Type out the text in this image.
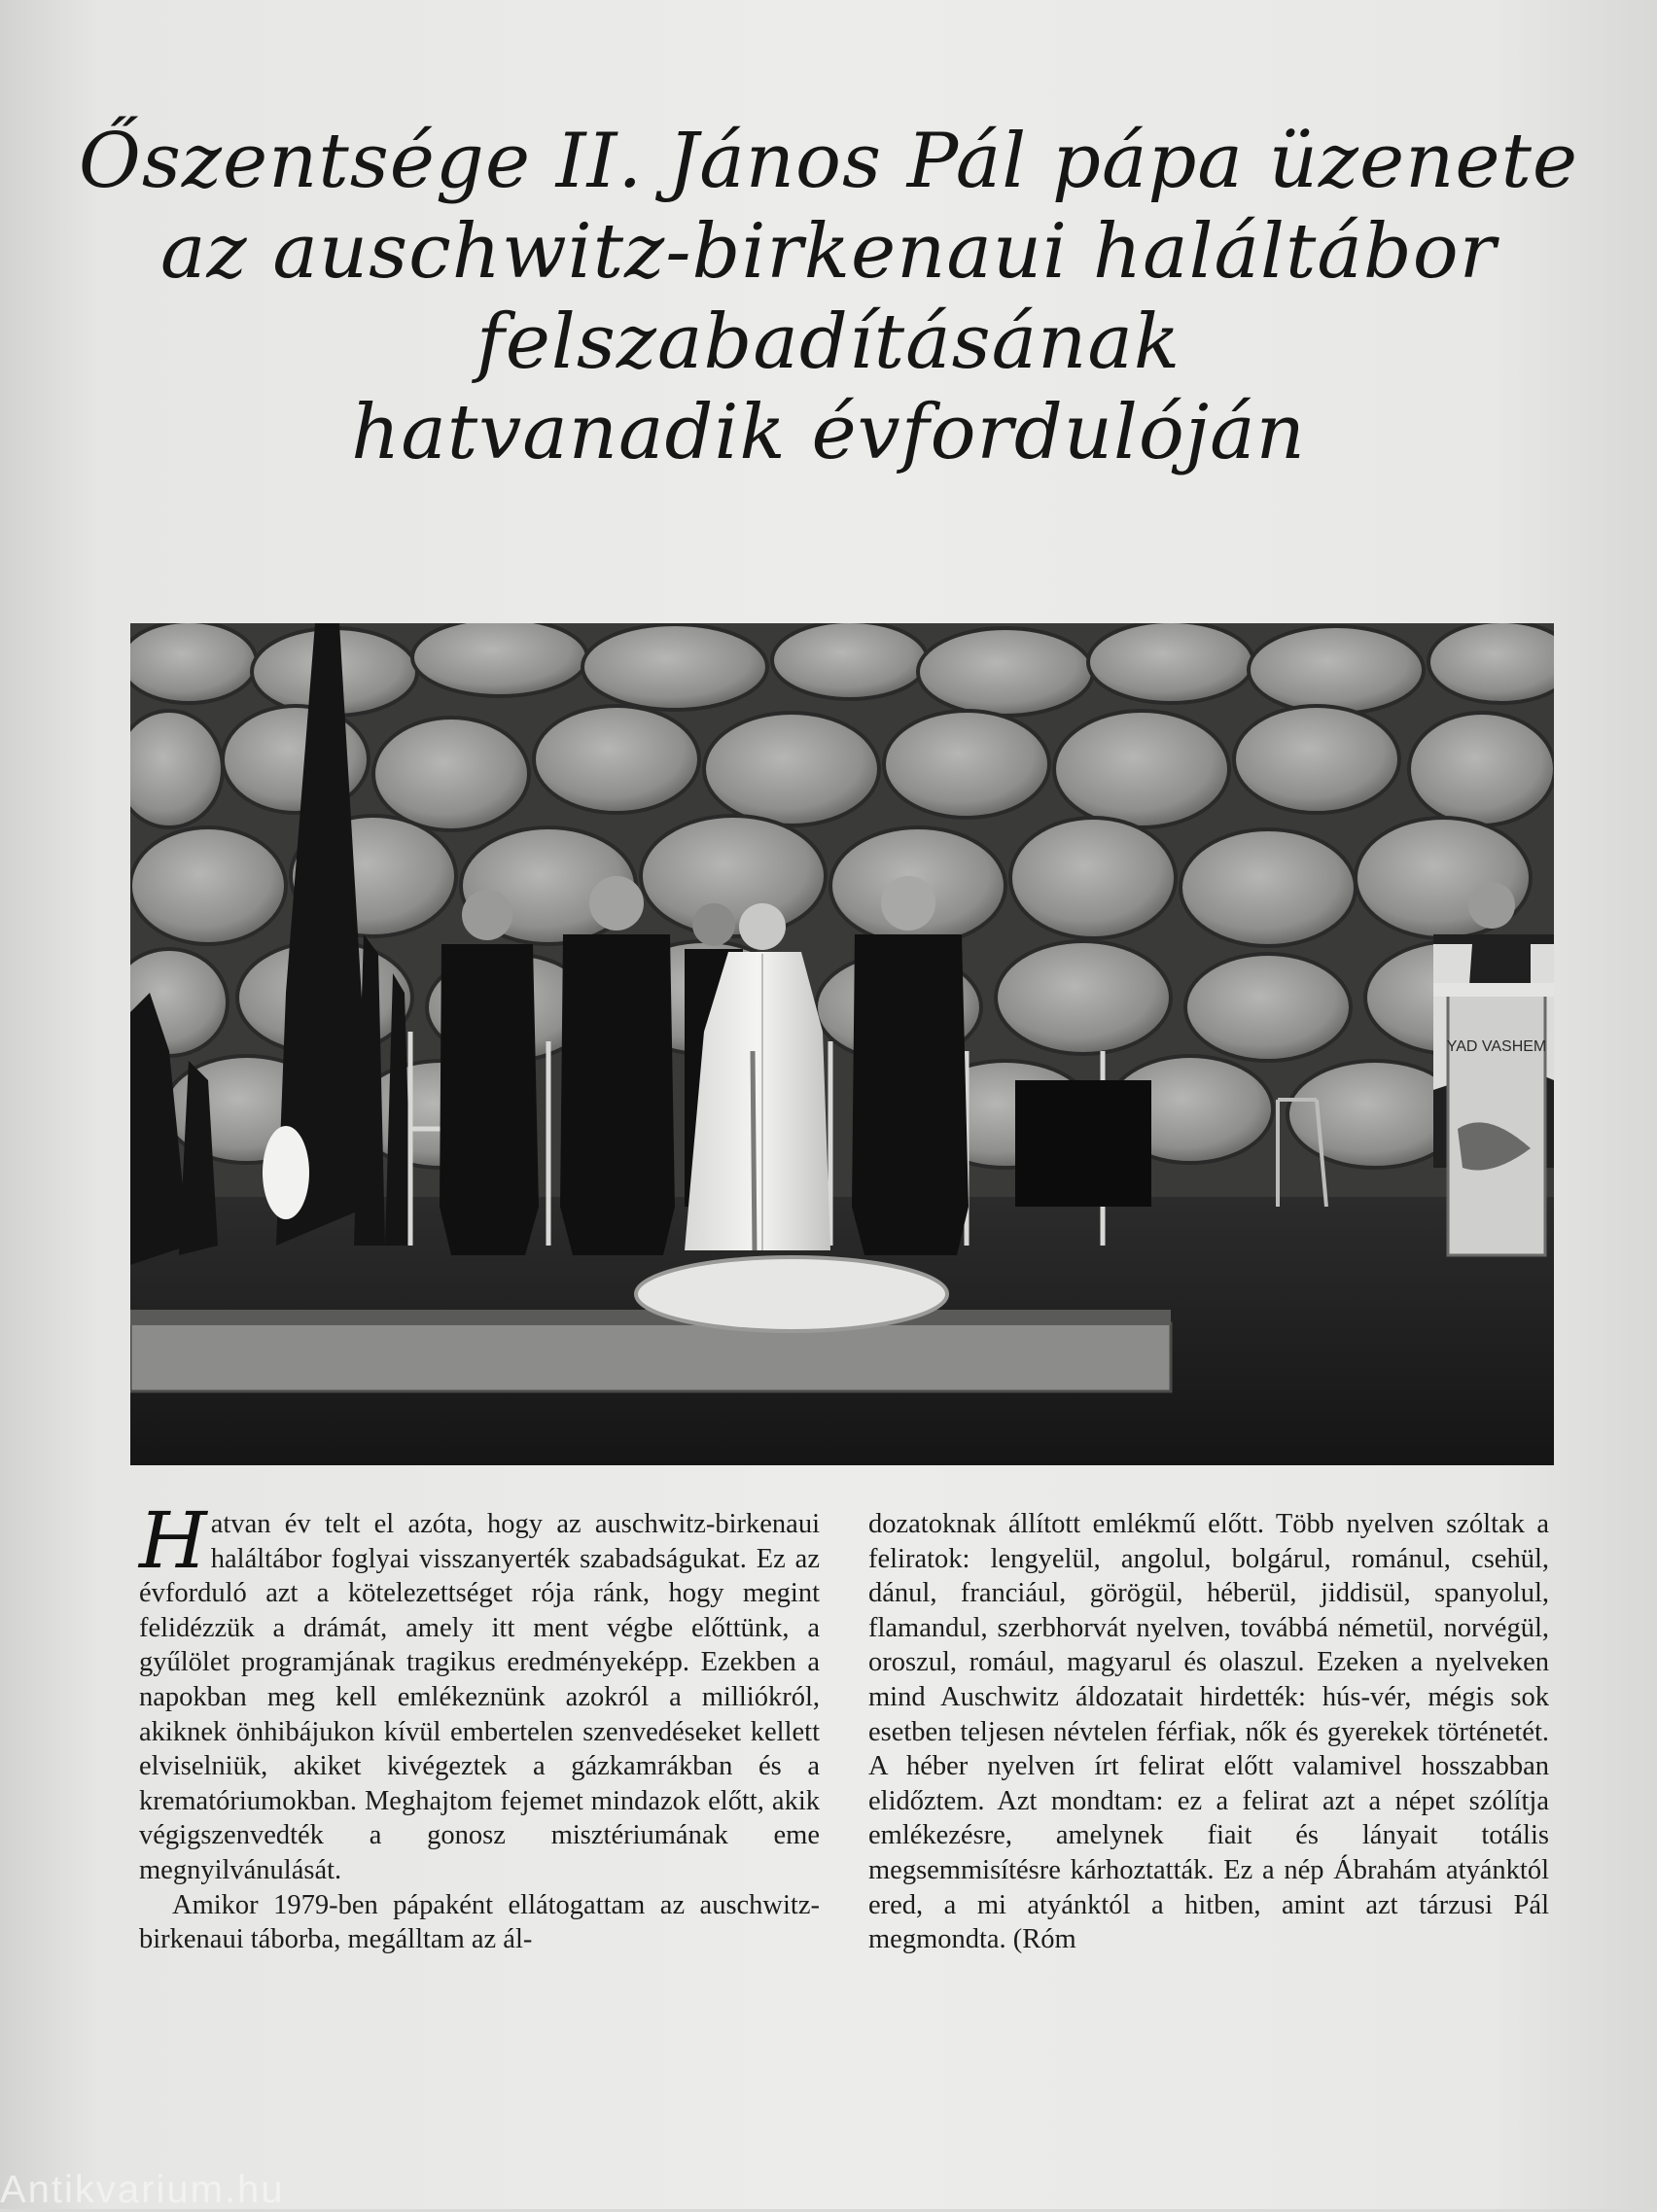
Őszentsége II. János Pál pápa üzenete
az auschwitz-birkenaui haláltábor
felszabadításának
hatvanadik évfordulóján
YAD VASHEM

Hatvan év telt el azóta, hogy az auschwitz-birkenaui haláltábor foglyai visszanyerték szabadságukat. Ez az évforduló azt a kötelezettséget rója ránk, hogy megint felidézzük a drámát, amely itt ment végbe előttünk, a gyűlölet programjának tragikus eredményeképp. Ezekben a napokban meg kell emlékeznünk azokról a milliókról, akiknek önhibájukon kívül embertelen szenvedéseket kellett elviselniük, akiket kivégeztek a gázkamrákban és a krematóriumokban. Meghajtom fejemet mindazok előtt, akik végigszenvedték a gonosz misztériumának eme megnyilvánulását.

Amikor 1979-ben pápaként ellátogattam az auschwitz-birkenaui táborba, megálltam az ál-

dozatoknak állított emlékmű előtt. Több nyelven szóltak a feliratok: lengyelül, angolul, bolgárul, románul, csehül, dánul, franciául, görögül, héberül, jiddisül, spanyolul, flamandul, szerbhorvát nyelven, továbbá németül, norvégül, oroszul, romául, magyarul és olaszul. Ezeken a nyelveken mind Auschwitz áldozatait hirdették: hús-vér, mégis sok esetben teljesen névtelen férfiak, nők és gyerekek történetét. A héber nyelven írt felirat előtt valamivel hosszabban elidőztem. Azt mondtam: ez a felirat azt a népet szólítja emlékezésre, amelynek fiait és lányait totális megsemmisítésre kárhoztatták. Ez a nép Ábrahám atyánktól ered, a mi atyánktól a hitben, amint azt tárzusi Pál megmondta. (Róm

Antikvarium.hu
